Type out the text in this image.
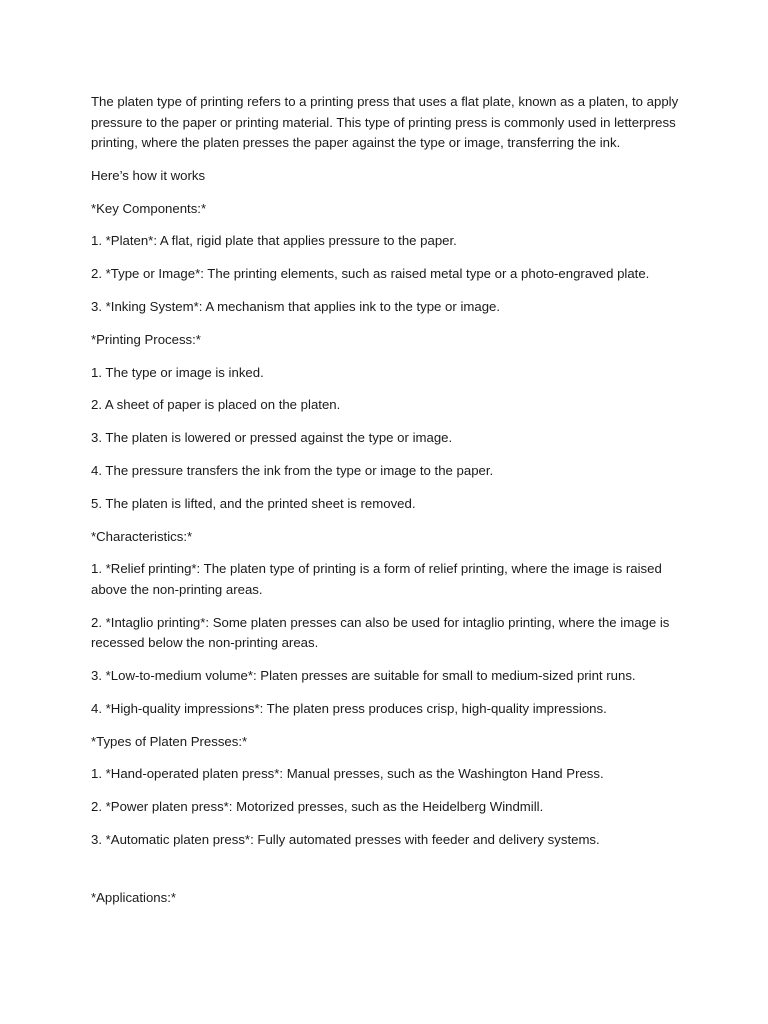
The platen type of printing refers to a printing press that uses a flat plate, known as a platen, to apply pressure to the paper or printing material. This type of printing press is commonly used in letterpress printing, where the platen presses the paper against the type or image, transferring the ink.

Here’s how it works

*Key Components:*

1. *Platen*: A flat, rigid plate that applies pressure to the paper.

2. *Type or Image*: The printing elements, such as raised metal type or a photo-engraved plate.

3. *Inking System*: A mechanism that applies ink to the type or image.

*Printing Process:*

1. The type or image is inked.

2. A sheet of paper is placed on the platen.

3. The platen is lowered or pressed against the type or image.

4. The pressure transfers the ink from the type or image to the paper.

5. The platen is lifted, and the printed sheet is removed.

*Characteristics:*

1. *Relief printing*: The platen type of printing is a form of relief printing, where the image is raised above the non-printing areas.

2. *Intaglio printing*: Some platen presses can also be used for intaglio printing, where the image is recessed below the non-printing areas.

3. *Low-to-medium volume*: Platen presses are suitable for small to medium-sized print runs.

4. *High-quality impressions*: The platen press produces crisp, high-quality impressions.

*Types of Platen Presses:*

1. *Hand-operated platen press*: Manual presses, such as the Washington Hand Press.

2. *Power platen press*: Motorized presses, such as the Heidelberg Windmill.

3. *Automatic platen press*: Fully automated presses with feeder and delivery systems.

*Applications:*
